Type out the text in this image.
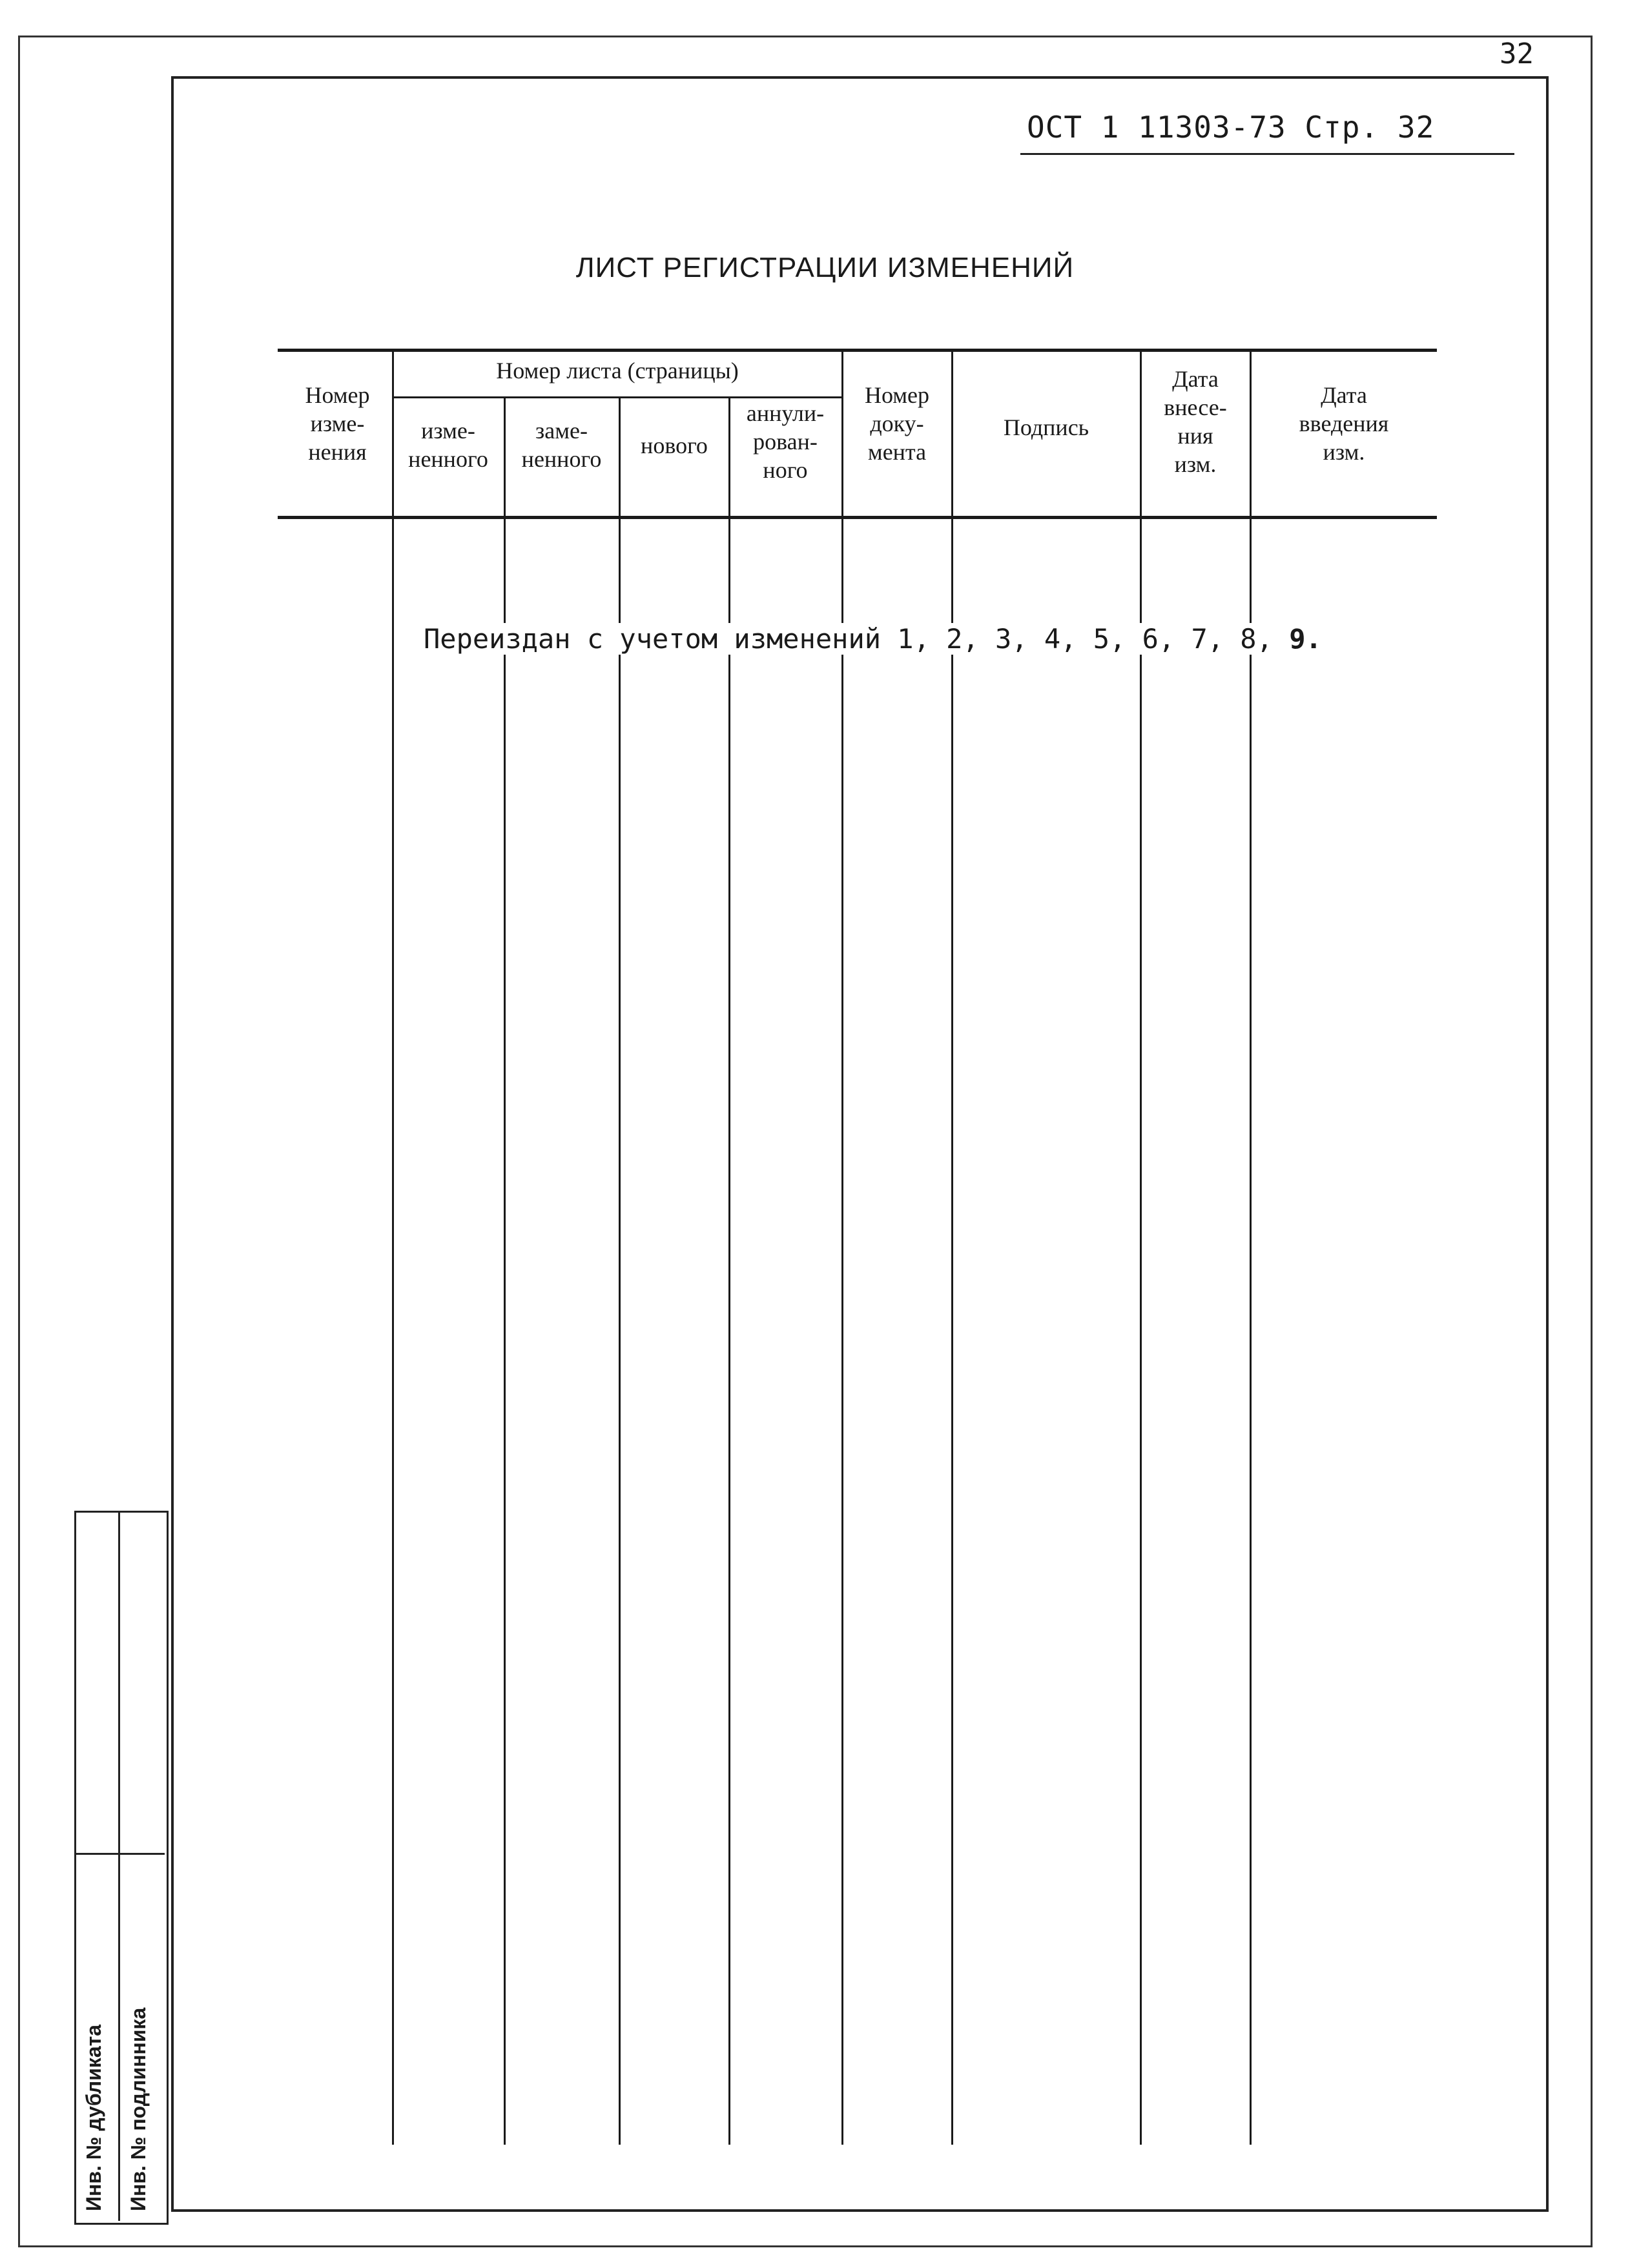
32
ОСТ 1 11303-73 Стр. 32
ЛИСТ РЕГИСТРАЦИИ ИЗМЕНЕНИЙ
Номер
изме-
нения
Номер листа (страницы)
изме-
ненного
заме-
ненного
нового
аннули-
рован-
ного
Номер
доку-
мента
Подпись
Дата
внесе-
ния
изм.
Дата
введения
изм.
Переиздан с учетом изменений 1, 2, 3, 4, 5, 6, 7, 8, 9.
Инв. № дубликата Инв. № подлинника
